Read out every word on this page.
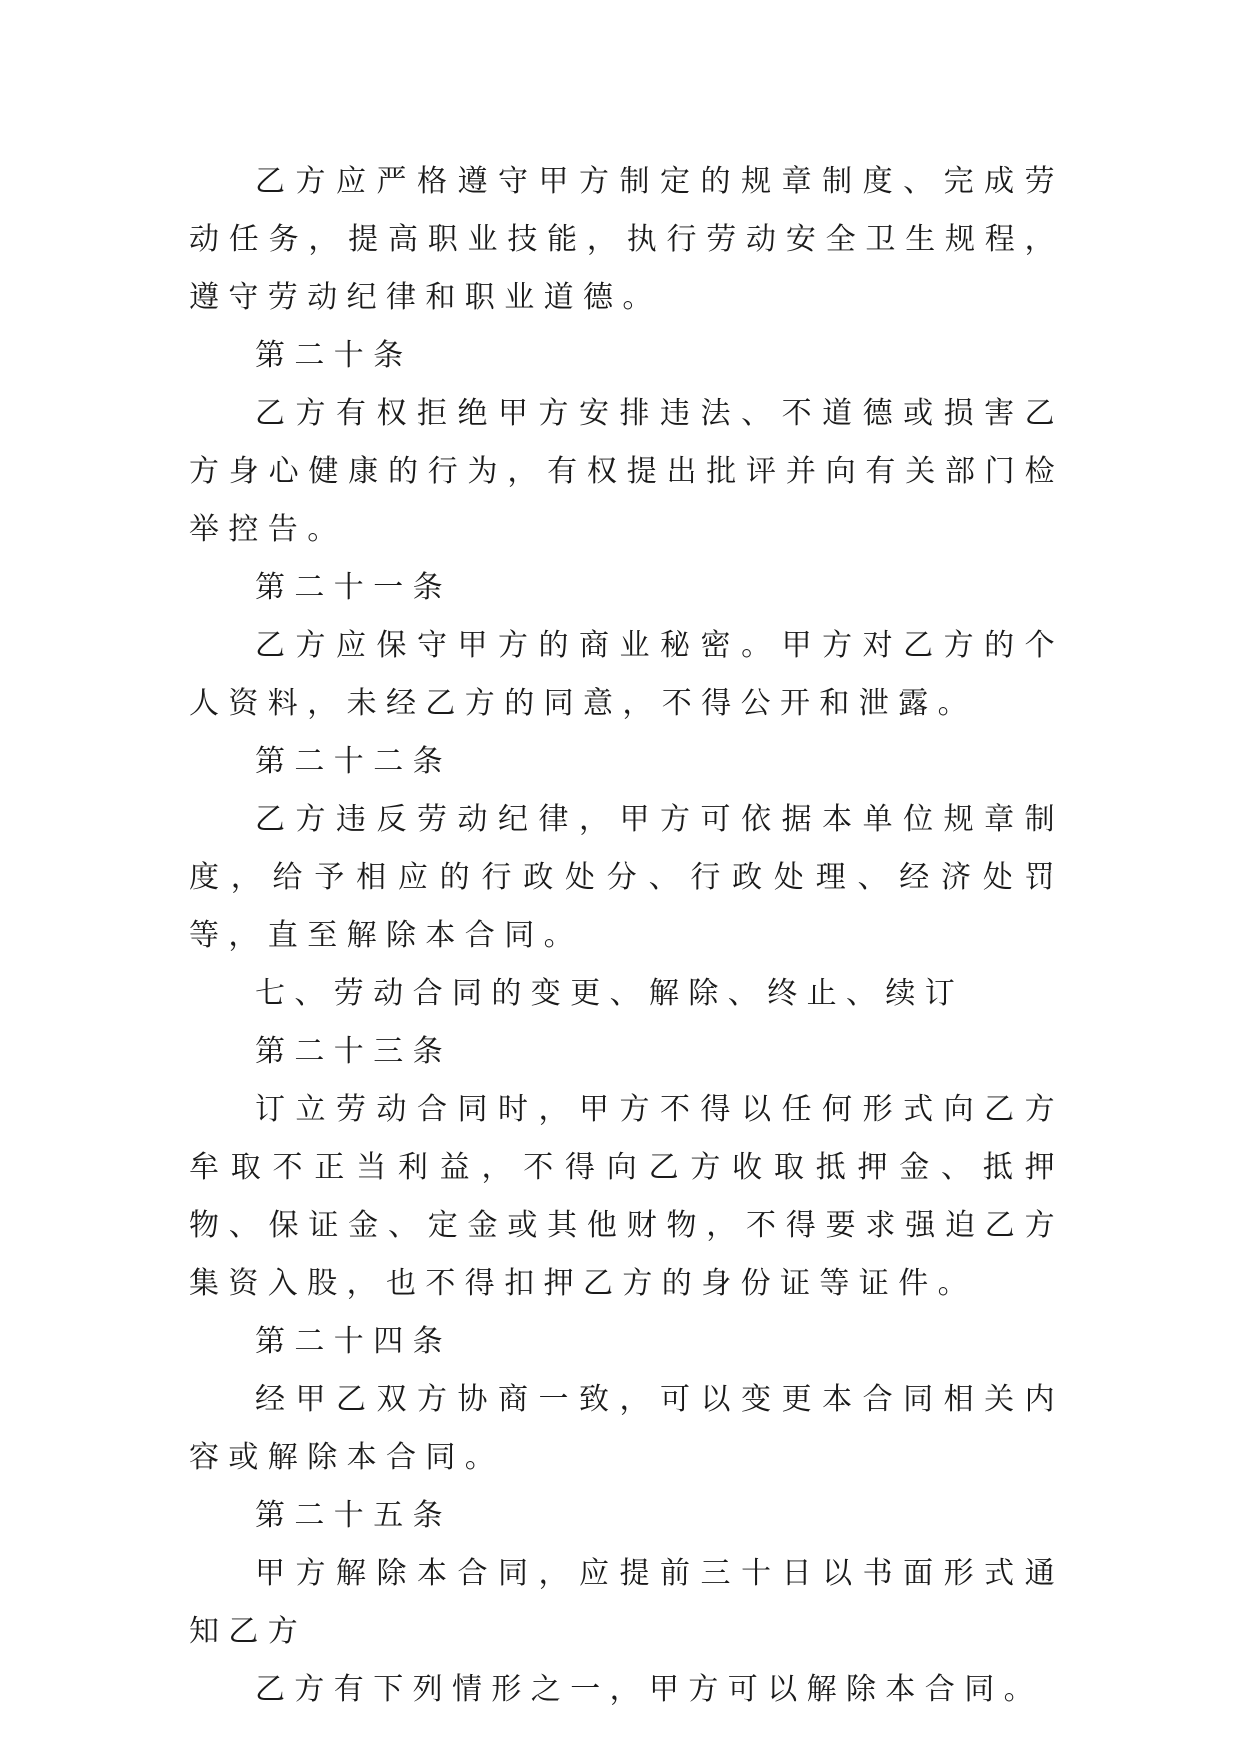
乙方应严格遵守甲方制定的规章制度、完成劳动任务，提高职业技能，执行劳动安全卫生规程，遵守劳动纪律和职业道德。

第二十条

乙方有权拒绝甲方安排违法、不道德或损害乙方身心健康的行为，有权提出批评并向有关部门检举控告。

第二十一条

乙方应保守甲方的商业秘密。甲方对乙方的个人资料，未经乙方的同意，不得公开和泄露。

第二十二条

乙方违反劳动纪律，甲方可依据本单位规章制度，给予相应的行政处分、行政处理、经济处罚等，直至解除本合同。

七、劳动合同的变更、解除、终止、续订

第二十三条

订立劳动合同时，甲方不得以任何形式向乙方牟取不正当利益，不得向乙方收取抵押金、抵押物、保证金、定金或其他财物，不得要求强迫乙方集资入股，也不得扣押乙方的身份证等证件。

第二十四条

经甲乙双方协商一致，可以变更本合同相关内容或解除本合同。

第二十五条

甲方解除本合同，应提前三十日以书面形式通知乙方

乙方有下列情形之一，甲方可以解除本合同。
